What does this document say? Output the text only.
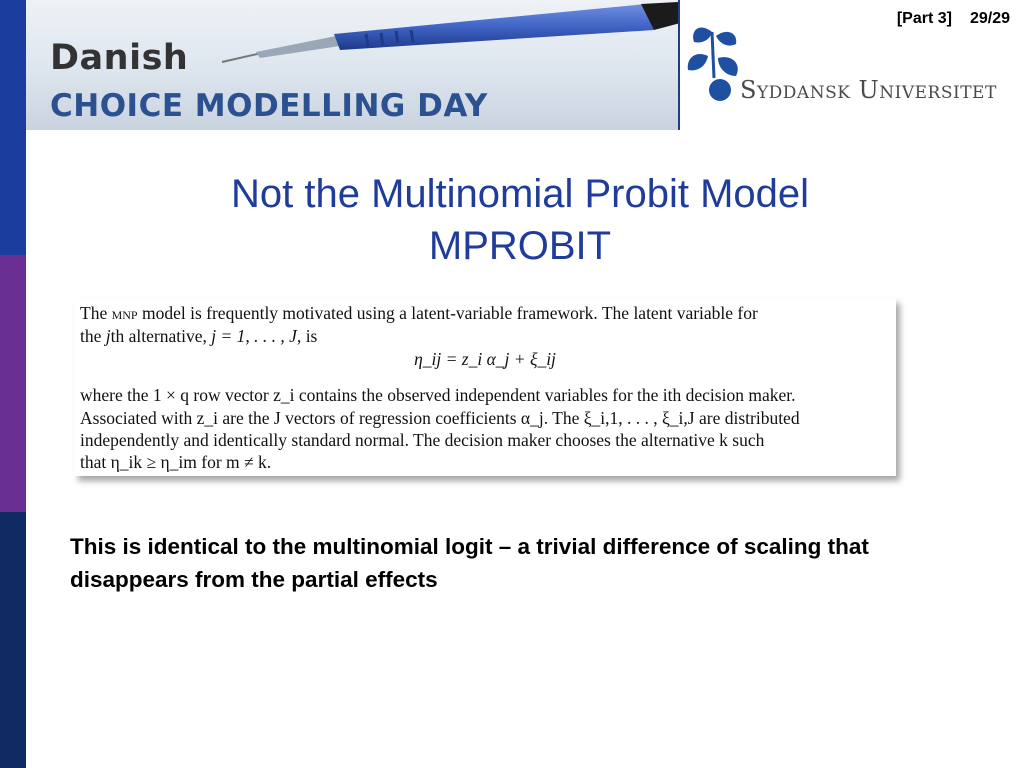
Danish
CHOICE MODELLING DAY	Syddansk Universitet
[Part 3] 29/29
Not the Multinomial Probit Model
MPROBIT
The mnp model is frequently motivated using a latent-variable framework. The latent variable for
the jth alternative, j = 1, . . . , J, is
η_ij = z_i α_j + ξ_ij
where the 1 × q row vector z_i contains the observed independent variables for the ith decision maker.
Associated with z_i are the J vectors of regression coefficients α_j. The ξ_i,1, . . . , ξ_i,J are distributed
independently and identically standard normal. The decision maker chooses the alternative k such
that η_ik ≥ η_im for m ≠ k.
This is identical to the multinomial logit – a trivial difference of scaling that disappears from the partial effects
